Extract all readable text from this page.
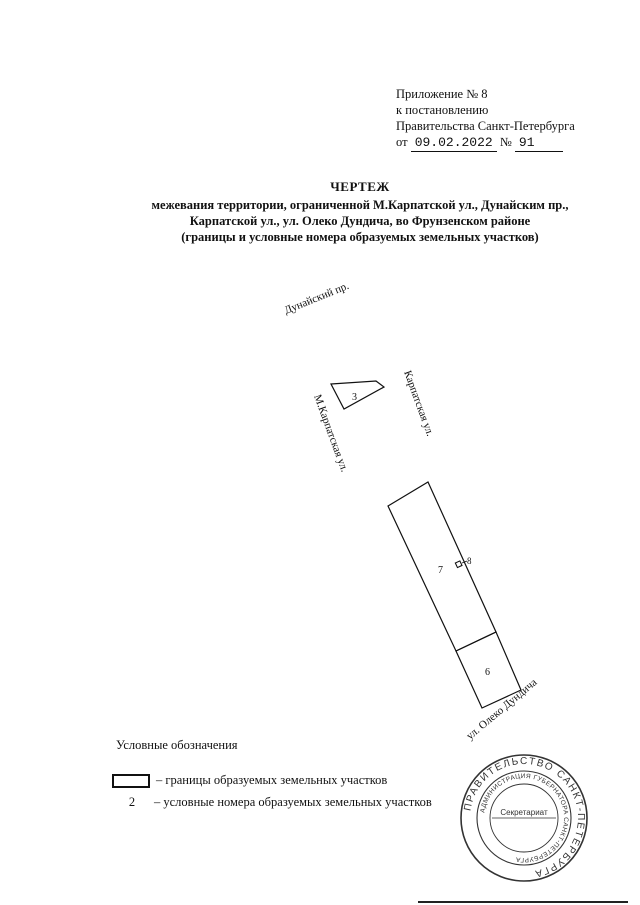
Приложение № 8
к постановлению
Правительства Санкт-Петербурга
от 09.02.2022 № 91
ЧЕРТЕЖ
межевания территории, ограниченной М.Карпатской ул., Дунайским пр.,
Карпатской ул., ул. Олеко Дундича, во Фрунзенском районе
(границы и условные номера образуемых земельных участков)
Дунайский пр.
Карпатская ул.
М.Карпатская ул.
ул. Олеко Дундича
3
7
6
8
Условные обозначения
– границы образуемых земельных участков
2	– условные номера образуемых земельных участков	ПРАВИТЕЛЬСТВО САНКТ-ПЕТЕРБУРГА
АДМИНИСТРАЦИЯ ГУБЕРНАТОРА САНКТ-ПЕТЕРБУРГА
Секретариат
